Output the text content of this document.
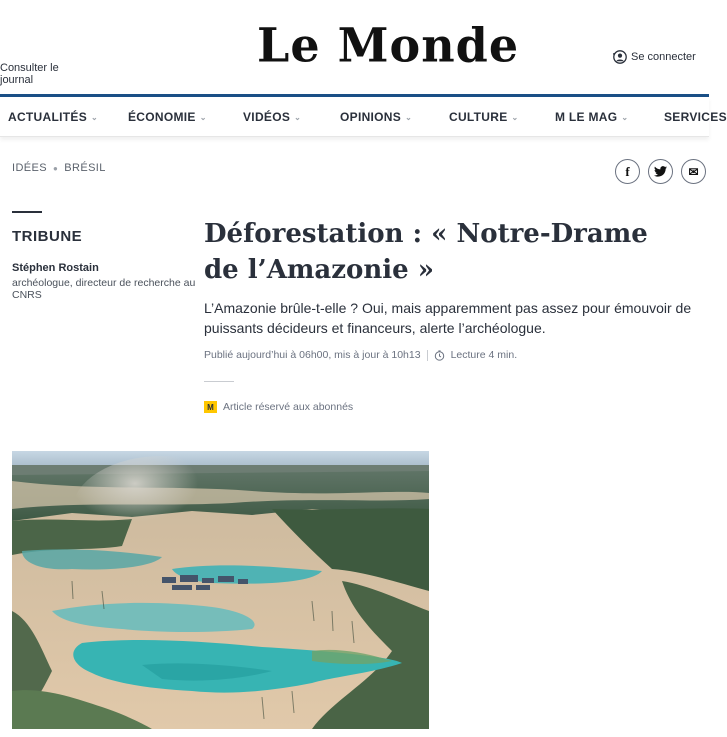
Consulter le journal
Le Monde	Se connecter
ACTUALITÉS ⌄ ÉCONOMIE ⌄	VIDÉOS ⌄	OPINIONS ⌄	CULTURE ⌄	M LE MAG ⌄	SERVICES
IDÉES ● BRÉSIL	f	✉
TRIBUNE
Stéphen Rostain
archéologue, directeur de recherche au CNRS
Déforestation : « Notre-Drame de l’Amazonie »

L’Amazonie brûle-t-elle ? Oui, mais apparemment pas assez pour émouvoir de puissants décideurs et financeurs, alerte l’archéologue.

Publié aujourd’hui à 06h00, mis à jour à 10h13	Lecture 4 min.
M Article réservé aux abonnés
